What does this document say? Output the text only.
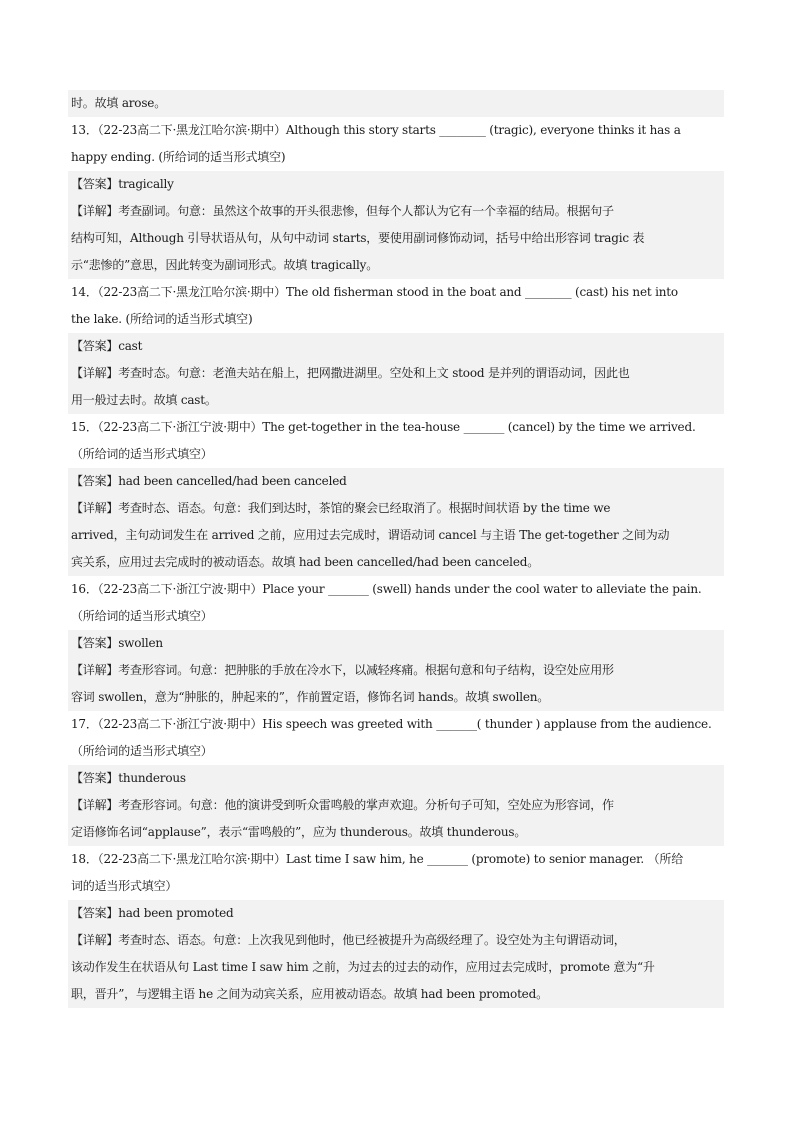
时。故填 arose。
13．（22-23高二下·黑龙江哈尔滨·期中）Although this story starts ________ (tragic), everyone thinks it has a
happy ending. (所给词的适当形式填空)
【答案】tragically
【详解】考查副词。句意：虽然这个故事的开头很悲惨，但每个人都认为它有一个幸福的结局。根据句子
结构可知，Although 引导状语从句，从句中动词 starts，要使用副词修饰动词，括号中给出形容词 tragic 表
示“悲惨的”意思，因此转变为副词形式。故填 tragically。
14．（22-23高二下·黑龙江哈尔滨·期中）The old fisherman stood in the boat and ________ (cast) his net into
the lake. (所给词的适当形式填空)
【答案】cast
【详解】考查时态。句意：老渔夫站在船上，把网撒进湖里。空处和上文 stood 是并列的谓语动词，因此也
用一般过去时。故填 cast。
15．（22-23高二下·浙江宁波·期中）The get-together in the tea-house _______ (cancel) by the time we arrived.
（所给词的适当形式填空）
【答案】had been cancelled/had been canceled
【详解】考查时态、语态。句意：我们到达时，茶馆的聚会已经取消了。根据时间状语 by the time we
arrived，主句动词发生在 arrived 之前，应用过去完成时，谓语动词 cancel 与主语 The get-together 之间为动
宾关系，应用过去完成时的被动语态。故填 had been cancelled/had been canceled。
16．（22-23高二下·浙江宁波·期中）Place your _______ (swell) hands under the cool water to alleviate the pain.
（所给词的适当形式填空）
【答案】swollen
【详解】考查形容词。句意：把肿胀的手放在冷水下，以减轻疼痛。根据句意和句子结构，设空处应用形
容词 swollen，意为“肿胀的，肿起来的”，作前置定语，修饰名词 hands。故填 swollen。
17．（22-23高二下·浙江宁波·期中）His speech was greeted with _______( thunder ) applause from the audience.
（所给词的适当形式填空）
【答案】thunderous
【详解】考查形容词。句意：他的演讲受到听众雷鸣般的掌声欢迎。分析句子可知，空处应为形容词，作
定语修饰名词“applause”，表示“雷鸣般的”，应为 thunderous。故填 thunderous。
18．（22-23高二下·黑龙江哈尔滨·期中）Last time I saw him, he _______ (promote) to senior manager. （所给
词的适当形式填空）
【答案】had been promoted
【详解】考查时态、语态。句意：上次我见到他时，他已经被提升为高级经理了。设空处为主句谓语动词，
该动作发生在状语从句 Last time I saw him 之前，为过去的过去的动作，应用过去完成时，promote 意为“升
职，晋升”，与逻辑主语 he 之间为动宾关系，应用被动语态。故填 had been promoted。
